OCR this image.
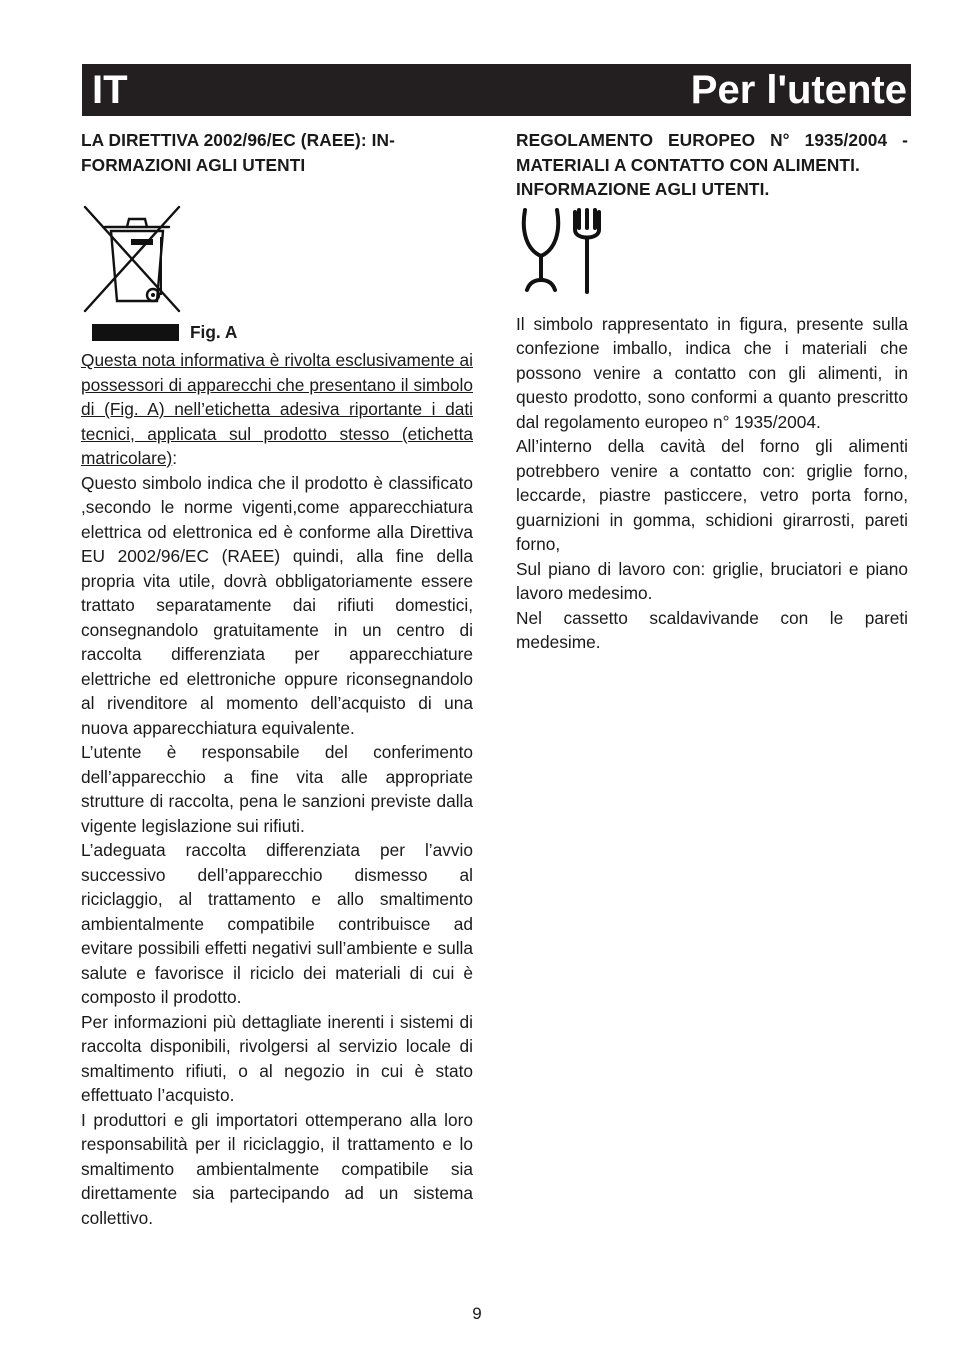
IT	Per l'utente

LA DIRETTIVA 2002/96/EC (RAEE): IN-

FORMAZIONI AGLI UTENTI

Fig. A

Questa nota informativa è rivolta esclusivamente ai possessori di apparecchi che presentano il simbolo di (Fig. A) nell’etichetta adesiva riportante i dati tecnici, applicata sul prodotto stesso (etichetta matricolare):

Questo simbolo indica che il prodotto è classificato ,secondo le norme vigenti,come apparecchiatura elettrica od elettronica ed è conforme alla Direttiva EU 2002/96/EC (RAEE) quindi, alla fine della propria vita utile, dovrà obbligatoriamente essere trattato separatamente dai rifiuti domestici, consegnandolo gratuitamente in un centro di raccolta differenziata per apparecchiature elettriche ed elettroniche oppure riconsegnandolo al rivenditore al momento dell’acquisto di una nuova apparecchiatura equivalente.

L’utente è responsabile del conferimento dell’apparecchio a fine vita alle appropriate strutture di raccolta, pena le sanzioni previste dalla vigente legislazione sui rifiuti.

L’adeguata raccolta differenziata per l’avvio successivo dell’apparecchio dismesso al riciclaggio, al trattamento e allo smaltimento ambientalmente compatibile contribuisce ad evitare possibili effetti negativi sull’ambiente e sulla salute e favorisce il riciclo dei materiali di cui è composto il prodotto.

Per informazioni più dettagliate inerenti i sistemi di raccolta disponibili, rivolgersi al servizio locale di smaltimento rifiuti, o al negozio in cui è stato effettuato l’acquisto.

I produttori e gli importatori ottemperano alla loro responsabilità per il riciclaggio, il trattamento e lo smaltimento ambientalmente compatibile sia direttamente sia partecipando ad un sistema collettivo.

REGOLAMENTO EUROPEO N° 1935/2004 - MATERIALI A CONTATTO CON ALIMENTI.

INFORMAZIONE AGLI UTENTI.

Il simbolo rappresentato in figura, presente sulla confezione imballo, indica che i materiali che possono venire a contatto con gli alimenti, in questo prodotto, sono conformi a quanto prescritto dal regolamento europeo n° 1935/2004.

All’interno della cavità del forno gli alimenti potrebbero venire a contatto con: griglie forno, leccarde, piastre pasticcere, vetro porta forno, guarnizioni in gomma, schidioni girarrosti, pareti forno,

Sul piano di lavoro con: griglie, bruciatori e piano lavoro medesimo.

Nel cassetto scaldavivande con le pareti medesime.

9
